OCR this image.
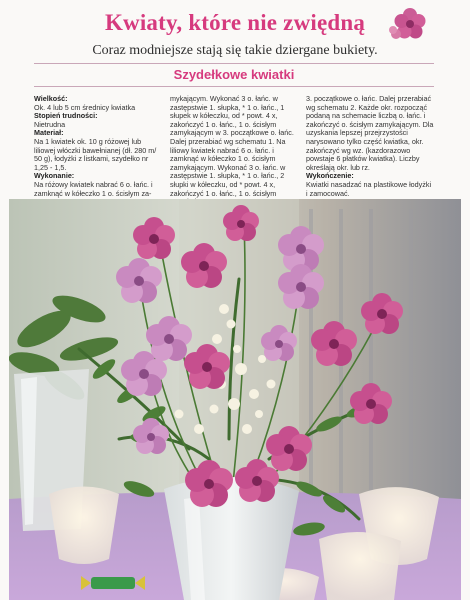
Kwiaty, które nie zwiędną
Coraz modniejsze stają się takie dziergane bukiety.
Szydełkowe kwiatki

Wielkość:

Ok. 4 lub 5 cm średnicy kwiatka

Stopień trudności:

Nietrudna

Materiał:

Na 1 kwiatek ok. 10 g różowej lub liliowej włóczki bawełnianej (dł. 280 m/ 50 g), łodyżki z listkami, szydełko nr 1,25 - 1,5.

Wykonanie:

Na różowy kwiatek nabrać 6 o. łańc. i zamknąć w kółeczko 1 o. ścisłym za-

mykającym. Wykonać 3 o. łańc. w zastępstwie 1. słupka, * 1 o. łańc., 1 słupek w kółeczku, od * powt. 4 x, zakończyć 1 o. łańc., 1 o. ścisłym zamykającym w 3. początkowe o. łańc. Dalej przerabiać wg schematu 1. Na liliowy kwiatek nabrać 6 o. łańc. i zamknąć w kółeczko 1 o. ścisłym zamykającym. Wykonać 3 o. łańc. w zastępstwie 1. słupka, * 1 o. łańc., 2 słupki w kółeczku, od * powt. 4 x, zakończyć 1 o. łańc., 1 o. ścisłym

3. początkowe o. łańc. Dalej przerabiać wg schematu 2. Każde okr. rozpocząć podaną na schemacie liczbą o. łańc. i zakończyć o. ścisłym zamykającym. Dla uzyskania lepszej przejrzystości narysowano tylko część kwiatka, okr. zakończyć wg wz. (kazdorazowo powstaje 6 płatków kwiatka). Liczby określają okr. lub rz.

Wykończenie:

Kwiatki nasadzać na plastikowe łodyżki i zamocować.
